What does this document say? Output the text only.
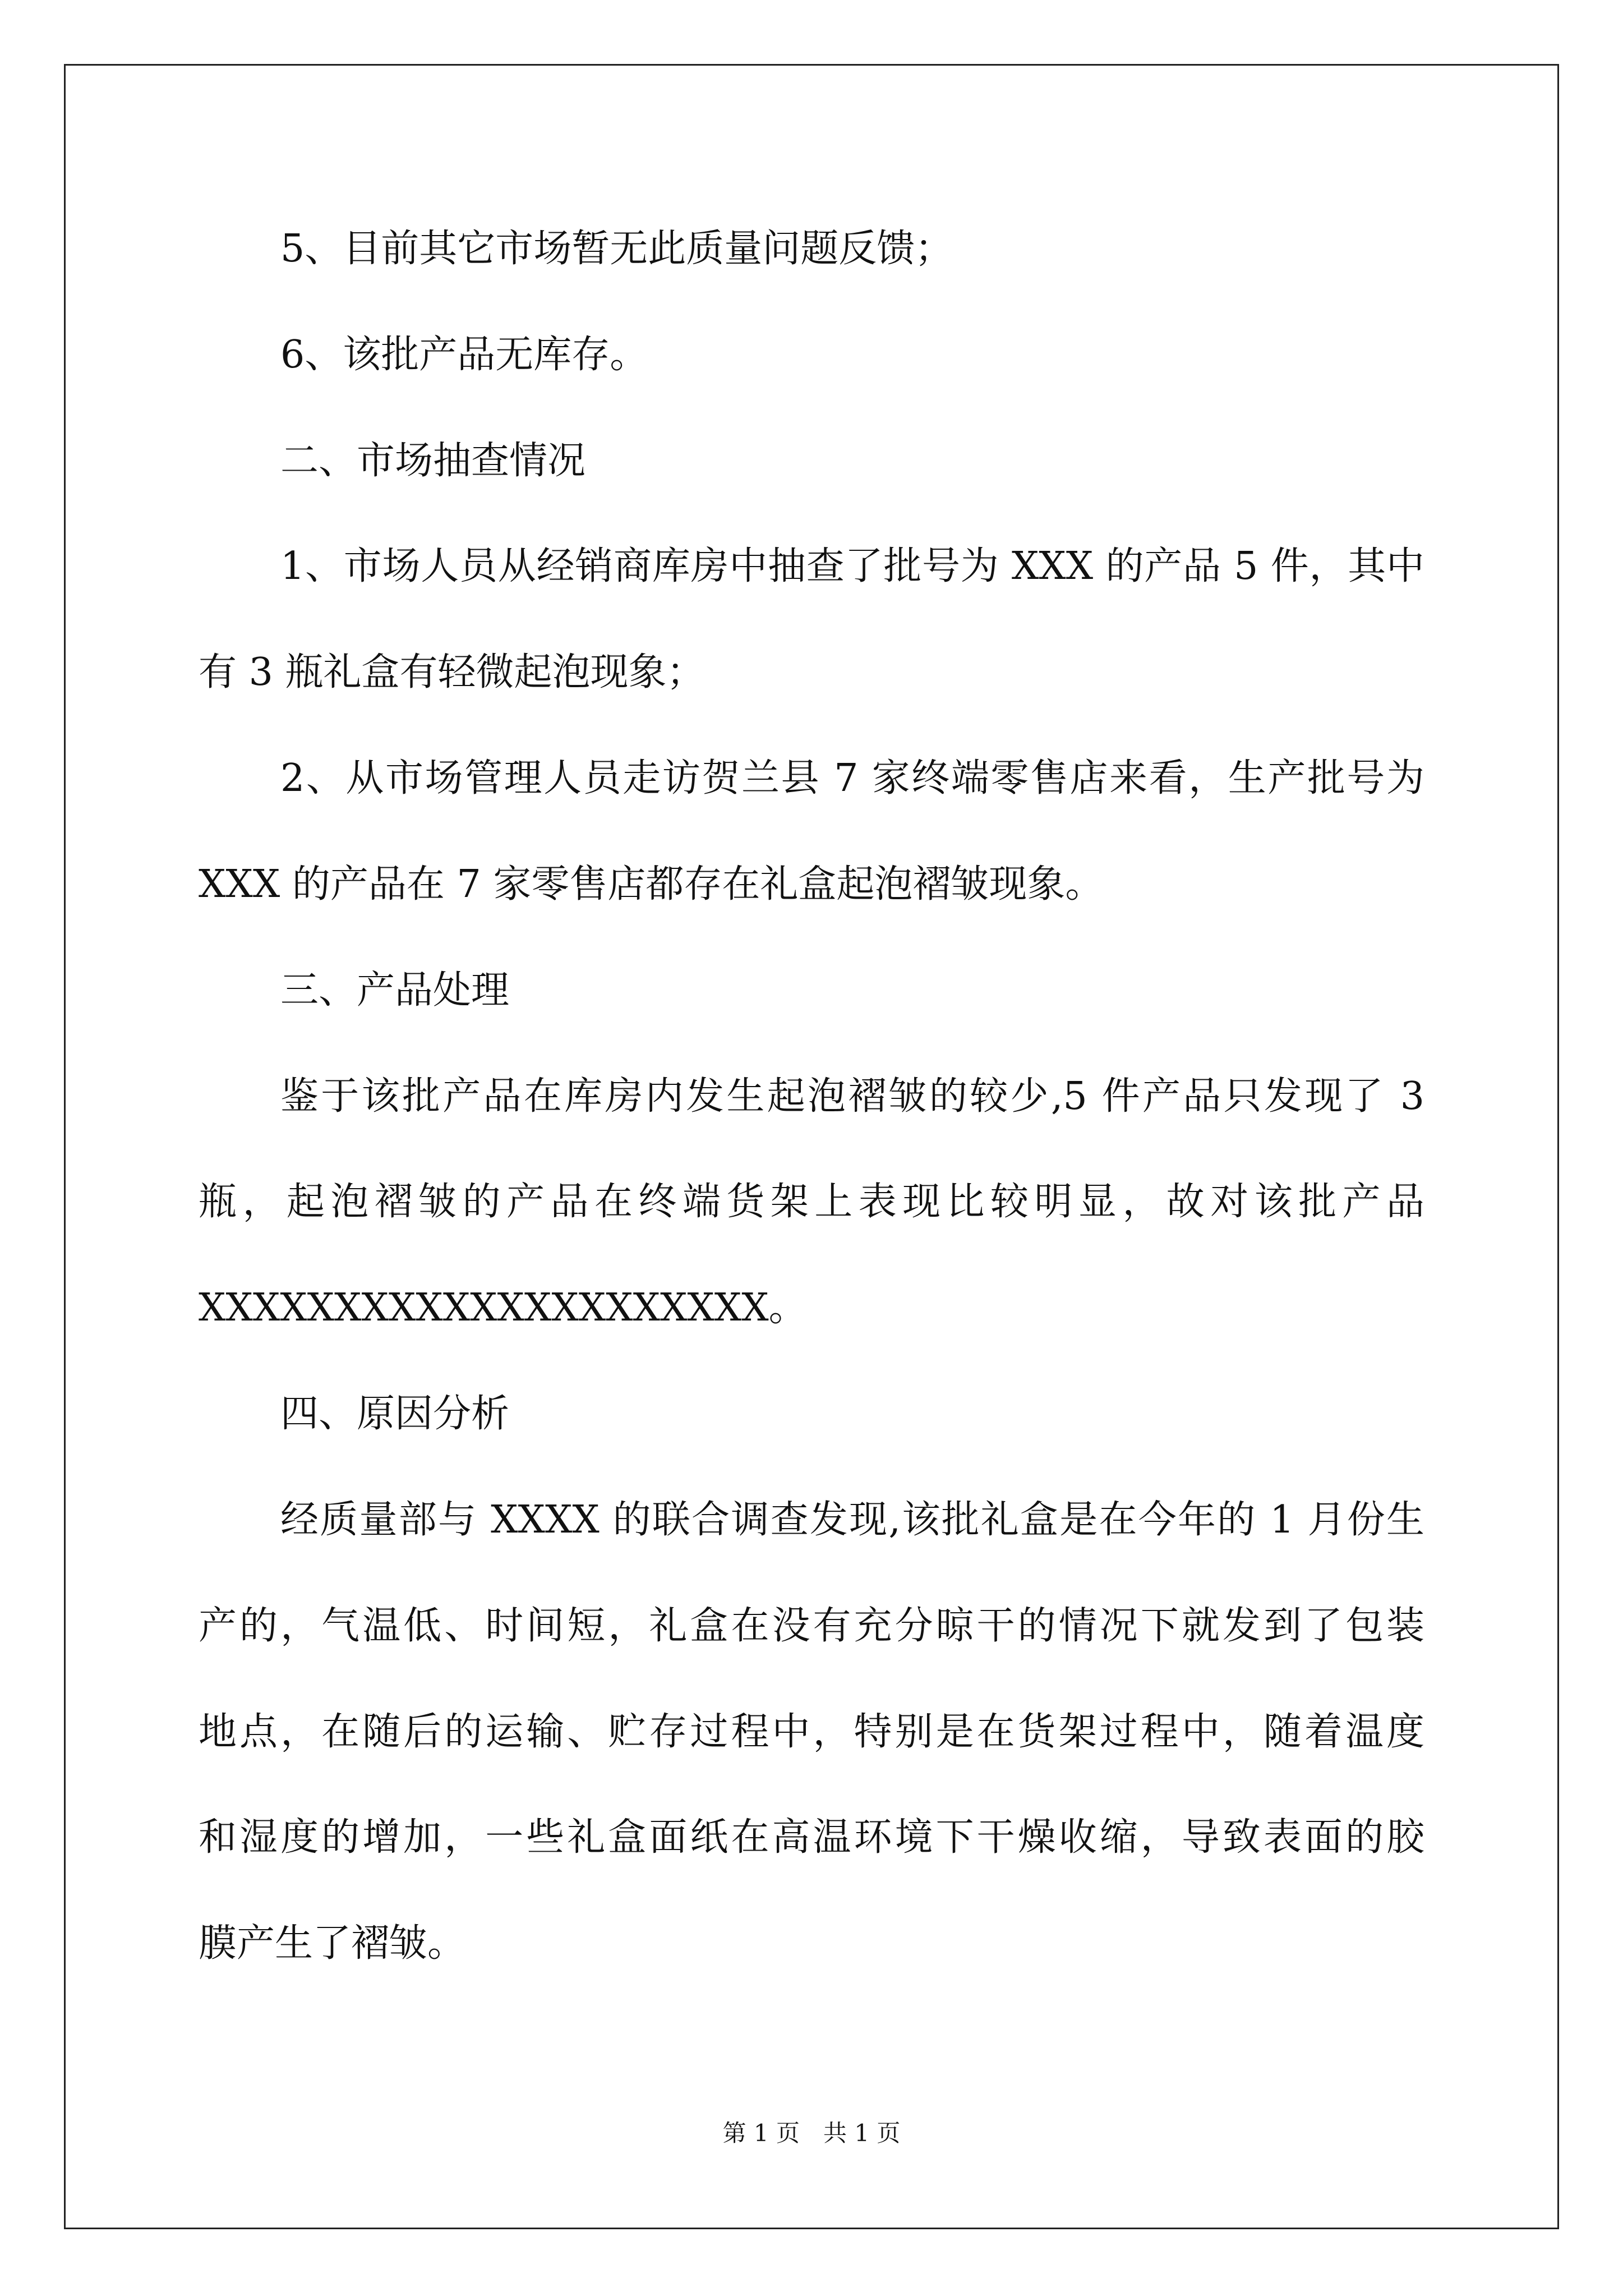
5、目前其它市场暂无此质量问题反馈；

6、该批产品无库存。

二、市场抽查情况

1、市场人员从经销商库房中抽查了批号为 XXX 的产品 5 件，其中

有 3 瓶礼盒有轻微起泡现象；

2、从市场管理人员走访贺兰县 7 家终端零售店来看，生产批号为

XXX 的产品在 7 家零售店都存在礼盒起泡褶皱现象。

三、产品处理

鉴于该批产品在库房内发生起泡褶皱的较少,5 件产品只发现了 3

瓶，起泡褶皱的产品在终端货架上表现比较明显，故对该批产品

XXXXXXXXXXXXXXXXXXXXX。

四、原因分析

经质量部与 XXXX 的联合调查发现,该批礼盒是在今年的 1 月份生

产的，气温低、时间短，礼盒在没有充分晾干的情况下就发到了包装

地点，在随后的运输、贮存过程中，特别是在货架过程中，随着温度

和湿度的增加，一些礼盒面纸在高温环境下干燥收缩，导致表面的胶

膜产生了褶皱。

第 1 页　共 1 页
